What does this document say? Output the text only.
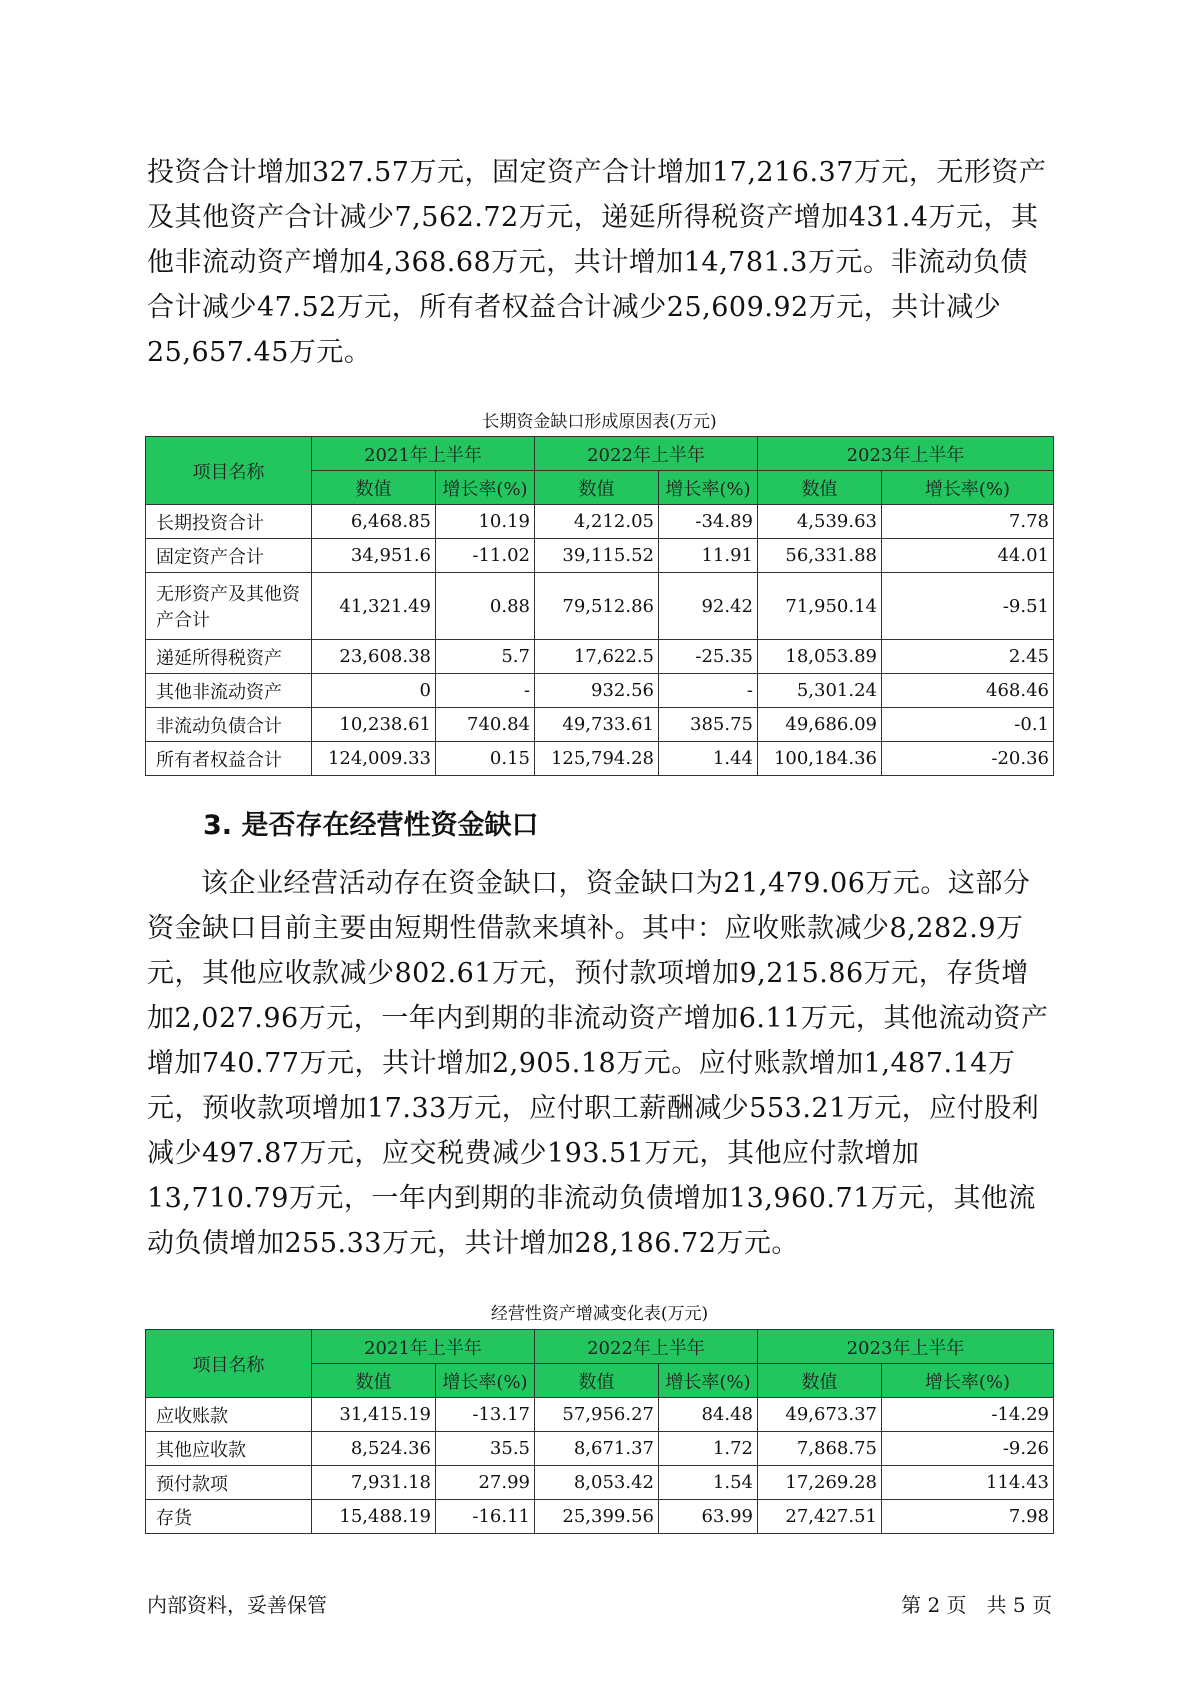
投资合计增加327.57万元，固定资产合计增加17,216.37万元，无形资产及其他资产合计减少7,562.72万元，递延所得税资产增加431.4万元，其他非流动资产增加4,368.68万元，共计增加14,781.3万元。非流动负债合计减少47.52万元，所有者权益合计减少25,609.92万元，共计减少25,657.45万元。

长期资金缺口形成原因表(万元)
项目名称	2021年上半年		2022年上半年		2023年上半年	
	数值	增长率(%)	数值	增长率(%)	数值	增长率(%)
长期投资合计	6,468.85	10.19	4,212.05	-34.89	4,539.63	7.78
固定资产合计	34,951.6	-11.02	39,115.52	11.91	56,331.88	44.01
无形资产及其他资产合计	41,321.49	0.88	79,512.86	92.42	71,950.14	-9.51
递延所得税资产	23,608.38	5.7	17,622.5	-25.35	18,053.89	2.45
其他非流动资产	0	-	932.56	-	5,301.24	468.46
非流动负债合计	10,238.61	740.84	49,733.61	385.75	49,686.09	-0.1
所有者权益合计	124,009.33	0.15	125,794.28	1.44	100,184.36	-20.36
3. 是否存在经营性资金缺口

该企业经营活动存在资金缺口，资金缺口为21,479.06万元。这部分资金缺口目前主要由短期性借款来填补。其中：应收账款减少8,282.9万元，其他应收款减少802.61万元，预付款项增加9,215.86万元，存货增加2,027.96万元，一年内到期的非流动资产增加6.11万元，其他流动资产增加740.77万元，共计增加2,905.18万元。应付账款增加1,487.14万元，预收款项增加17.33万元，应付职工薪酬减少553.21万元，应付股利减少497.87万元，应交税费减少193.51万元，其他应付款增加13,710.79万元，一年内到期的非流动负债增加13,960.71万元，其他流动负债增加255.33万元，共计增加28,186.72万元。

经营性资产增减变化表(万元)
项目名称	2021年上半年		2022年上半年		2023年上半年	
	数值	增长率(%)	数值	增长率(%)	数值	增长率(%)
应收账款	31,415.19	-13.17	57,956.27	84.48	49,673.37	-14.29
其他应收款	8,524.36	35.5	8,671.37	1.72	7,868.75	-9.26
预付款项	7,931.18	27.99	8,053.42	1.54	17,269.28	114.43
存货	15,488.19	-16.11	25,399.56	63.99	27,427.51	7.98
内部资料，妥善保管	第 2 页　共 5 页
